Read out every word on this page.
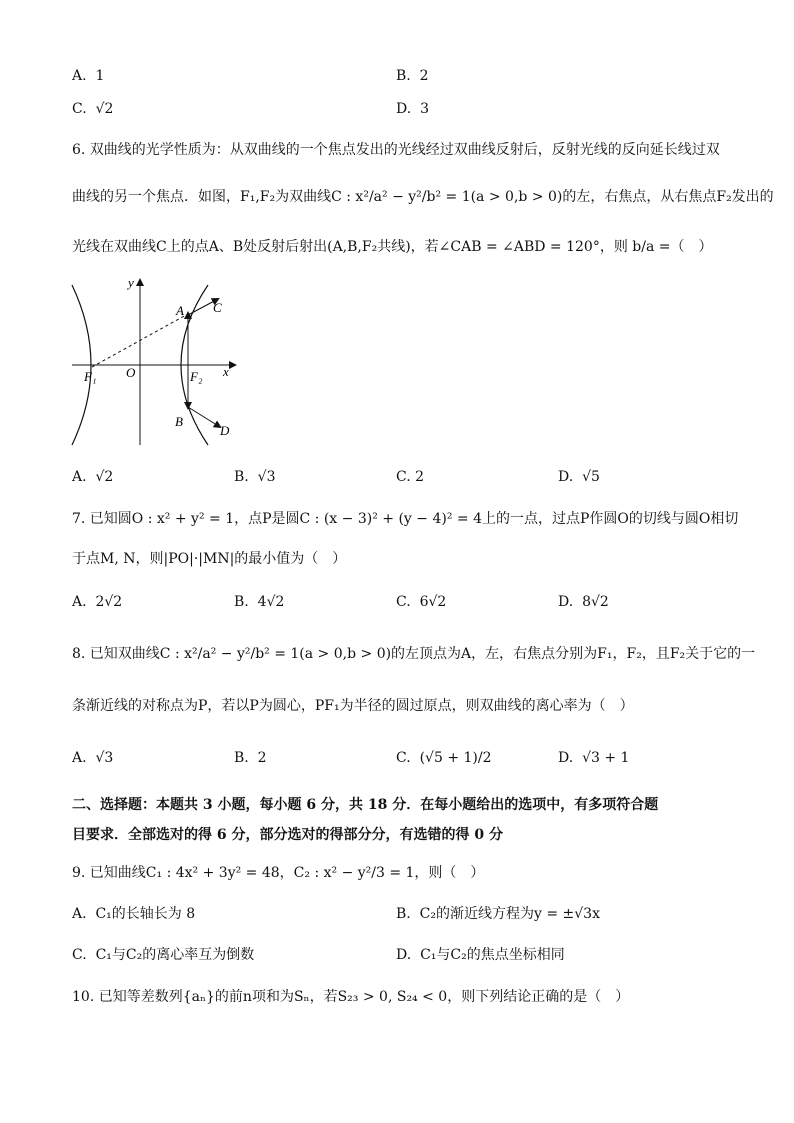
A. 1	B. 2
C. √2	D. 3
6. 双曲线的光学性质为：从双曲线的一个焦点发出的光线经过双曲线反射后，反射光线的反向延长线过双
曲线的另一个焦点．如图，F₁,F₂为双曲线C : x²/a² − y²/b² = 1(a > 0,b > 0)的左，右焦点，从右焦点F₂发出的
光线在双曲线C上的点A、B处反射后射出(A,B,F₂共线)，若∠CAB = ∠ABD = 120°，则 b/a =（　）
y
x
A C
B
D
F₁	F₂
O
A. √2	B. √3	C. 2	D. √5
7. 已知圆O : x² + y² = 1，点P是圆C : (x − 3)² + (y − 4)² = 4上的一点，过点P作圆O的切线与圆O相切
于点M, N，则|PO|·|MN|的最小值为（　）
A. 2√2	B. 4√2	C. 6√2	D. 8√2
8. 已知双曲线C : x²/a² − y²/b² = 1(a > 0,b > 0)的左顶点为A，左，右焦点分别为F₁，F₂，且F₂关于它的一
条渐近线的对称点为P，若以P为圆心，PF₁为半径的圆过原点，则双曲线的离心率为（　）
A. √3	B. 2	C. (√5 + 1)/2	D. √3 + 1
二、选择题：本题共 3 小题，每小题 6 分，共 18 分．在每小题给出的选项中，有多项符合题
目要求．全部选对的得 6 分，部分选对的得部分分，有选错的得 0 分
9. 已知曲线C₁ : 4x² + 3y² = 48，C₂ : x² − y²/3 = 1，则（　）
A. C₁的长轴长为 8	B. C₂的渐近线方程为y = ±√3x
C. C₁与C₂的离心率互为倒数	D. C₁与C₂的焦点坐标相同
10. 已知等差数列{aₙ}的前n项和为Sₙ，若S₂₃ > 0, S₂₄ < 0，则下列结论正确的是（　）
